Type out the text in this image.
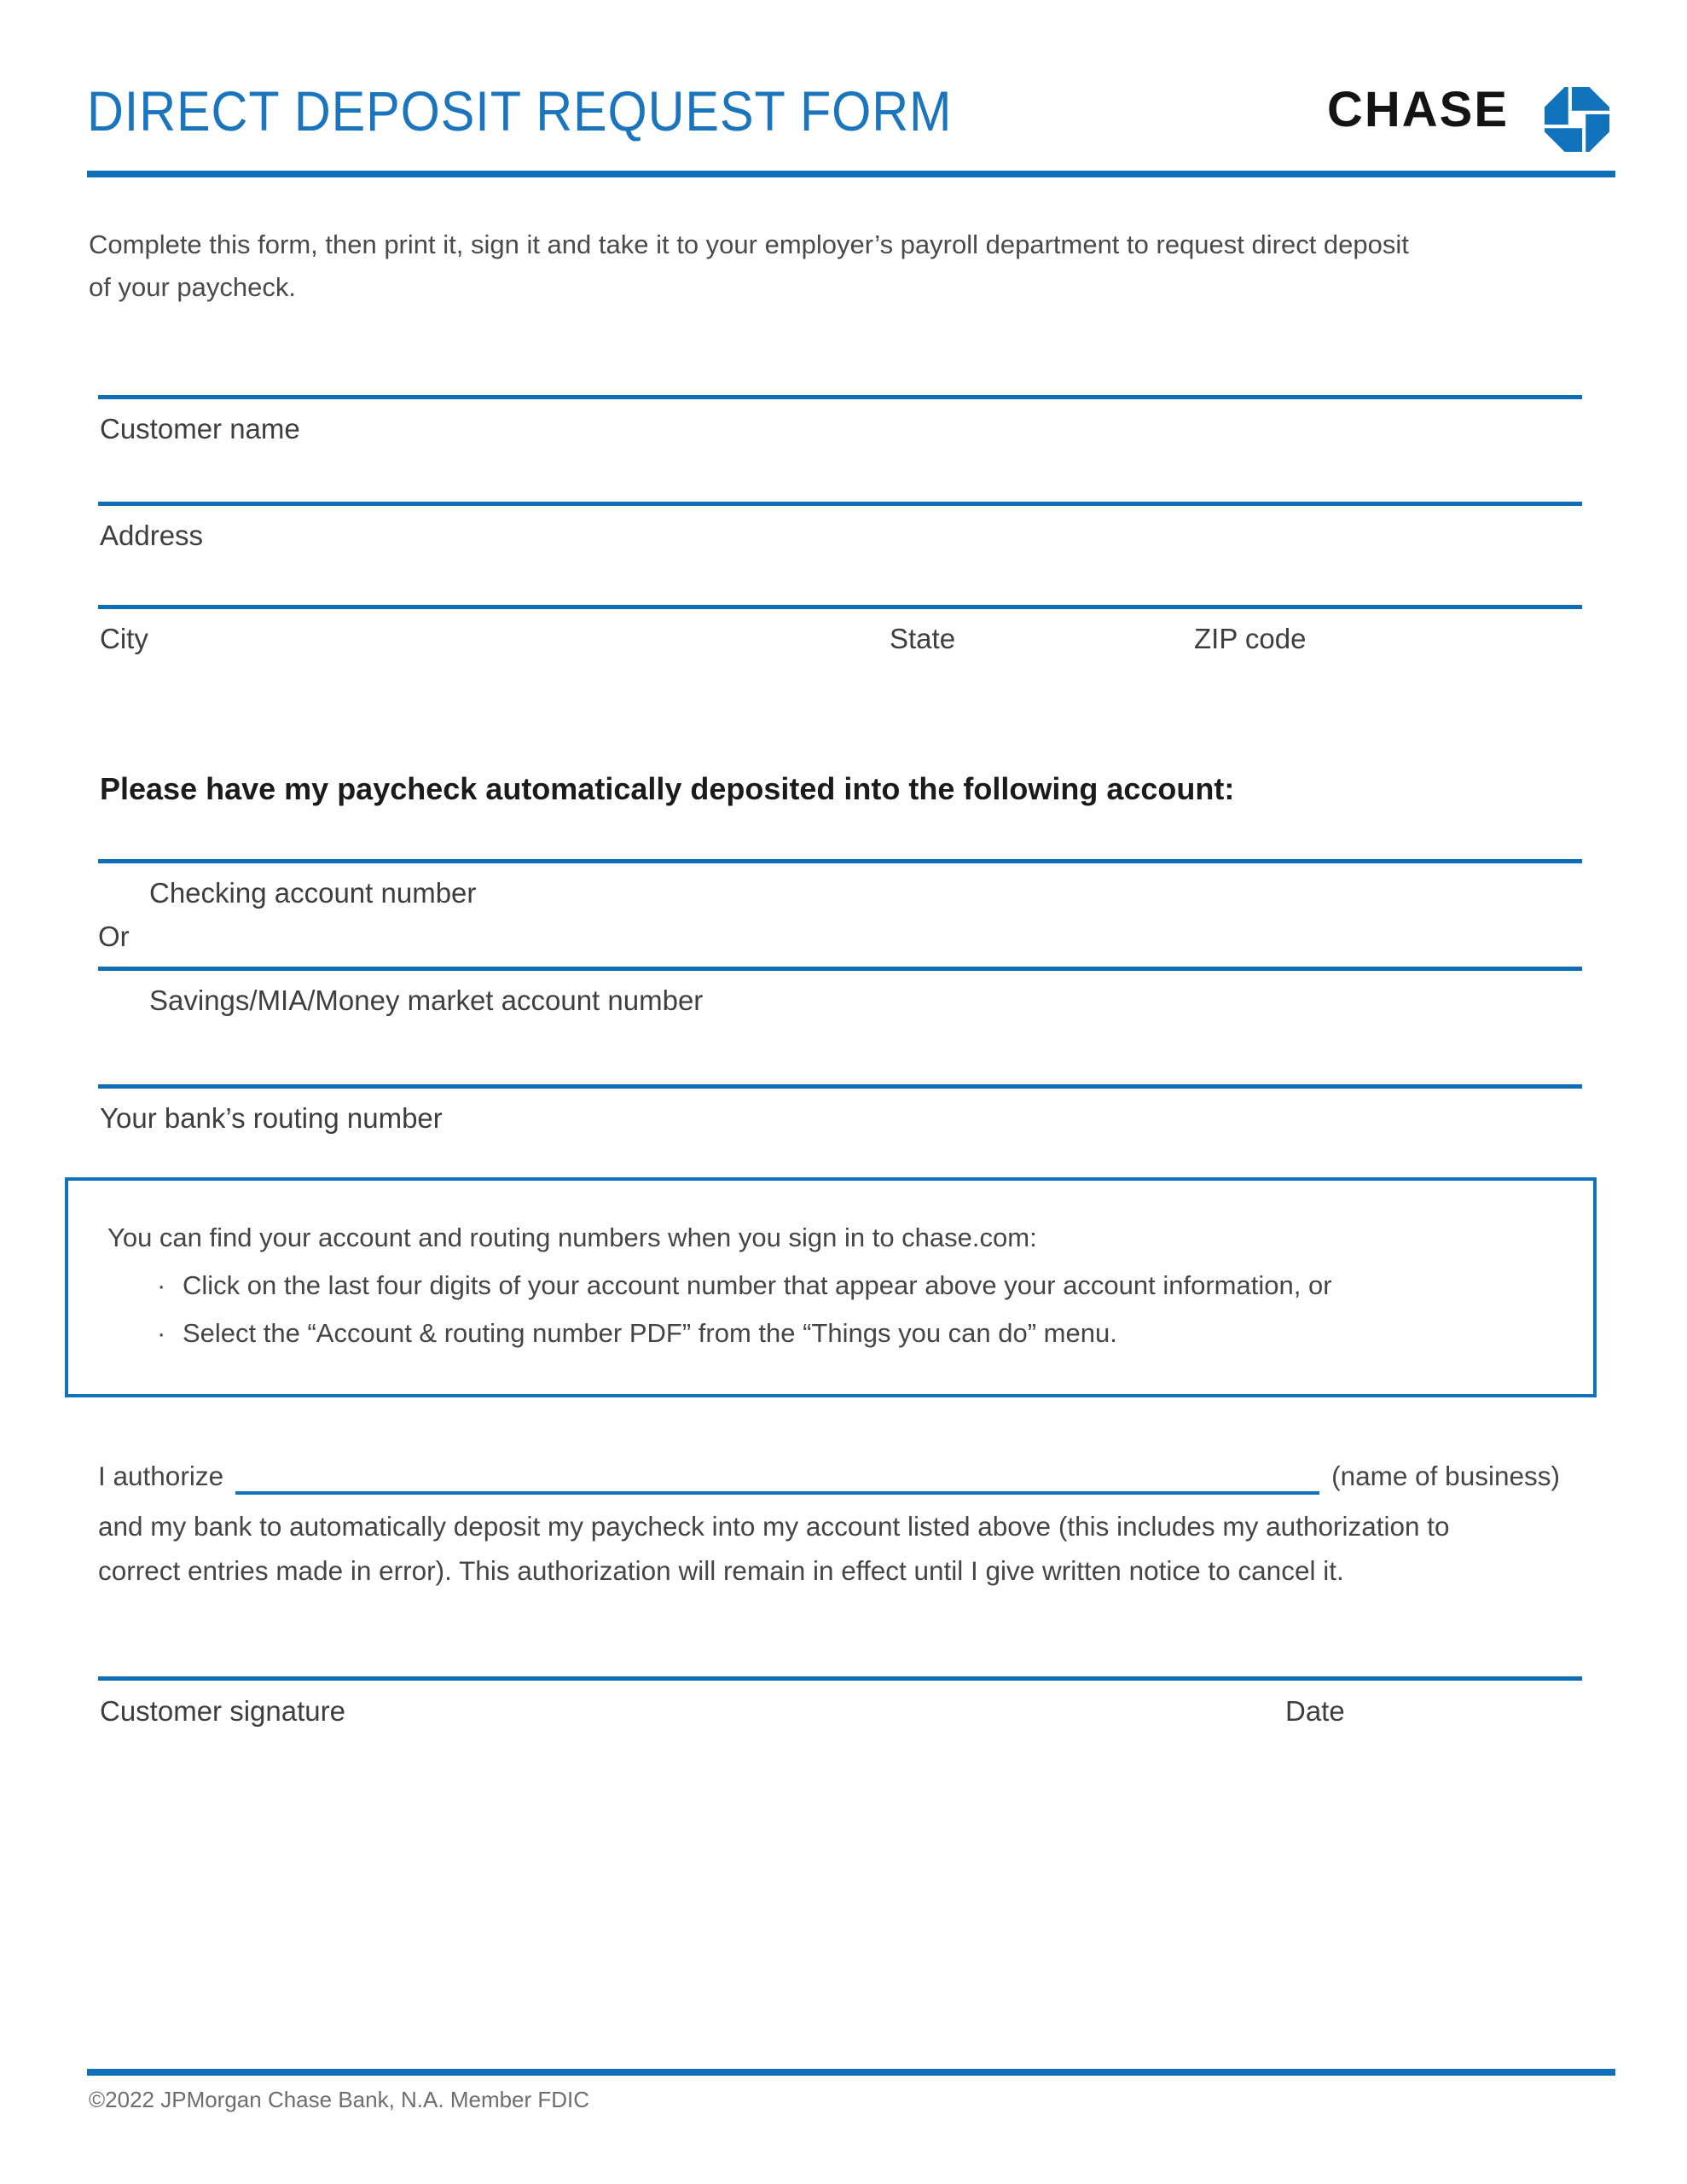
DIRECT DEPOSIT REQUEST FORM	CHASE
Complete this form, then print it, sign it and take it to your employer’s payroll department to request direct deposit
of your paycheck.
Customer name
Address
City	State	ZIP code
Please have my paycheck automatically deposited into the following account:
Checking account number
Or
Savings/MIA/Money market account number
Your bank’s routing number
You can find your account and routing numbers when you sign in to chase.com:
· Click on the last four digits of your account number that appear above your account information, or
· Select the “Account & routing number PDF” from the “Things you can do” menu.
I authorize	(name of business)
and my bank to automatically deposit my paycheck into my account listed above (this includes my authorization to
correct entries made in error). This authorization will remain in effect until I give written notice to cancel it.
Customer signature	Date
©2022 JPMorgan Chase Bank, N.A. Member FDIC
